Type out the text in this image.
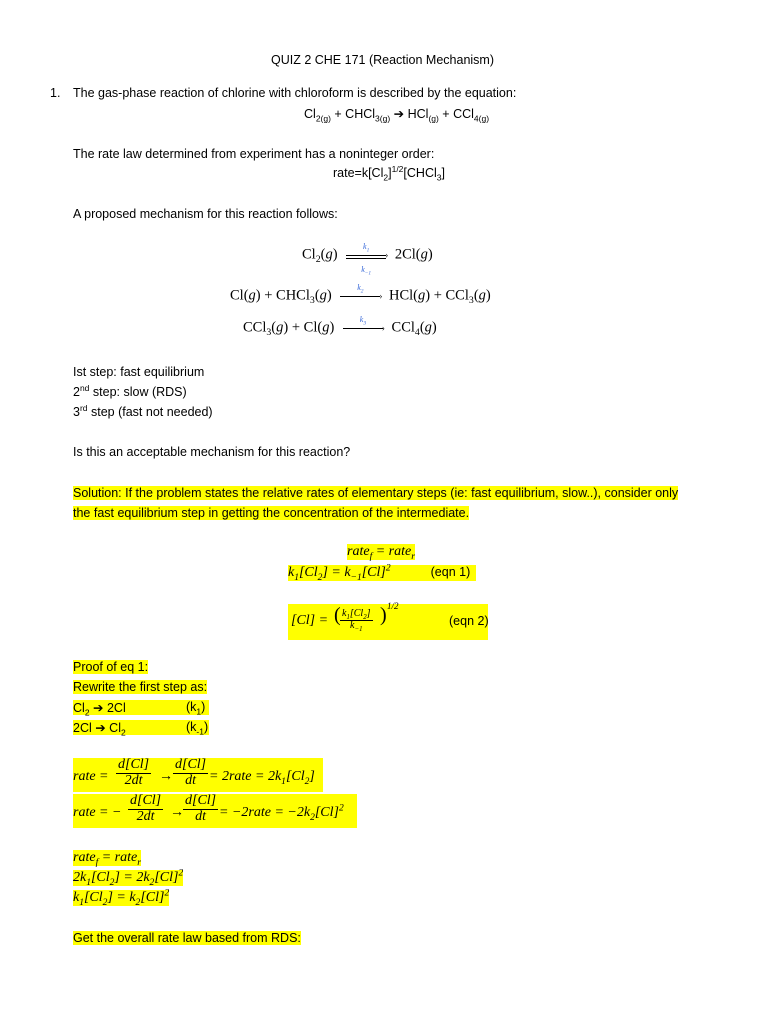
QUIZ 2 CHE 171 (Reaction Mechanism)
1. The gas-phase reaction of chlorine with chloroform is described by the equation:
$Cl_{2(g)}$ + CHCl$_{3(g)}$ ➔ HCl$_{(g)}$ + CCl$_{4(g)}$
The rate law determined from experiment has a noninteger order:
$rate=k[Cl_2]^{1/2}[CHCl_3]$
A proposed mechanism for this reaction follows:
$Cl_2(g)$	$k_1$	›
$k_{-1}$
2Cl(g)
Cl(g) + CHCl$_3$(g)	$k_2$	› HCl(g) + CCl$_3$(g)
CCl$_3$(g) + Cl(g)	$k_3$	› CCl$_4$(g)
Ist step: fast equilibrium
2nd step: slow (RDS)
3rd step (fast not needed)
Is this an acceptable mechanism for this reaction?
Solution: If the problem states the relative rates of elementary steps (ie: fast equilibrium, slow..), consider only
the fast equilibrium step in getting the concentration of the intermediate.
rate$_f$ = rate$_r$
$k_1[Cl_2] = k_{-1}[Cl]^2$	(eqn 1)
[Cl] = ( $\frac{k_1[Cl_2]}{k_{-1}}$ ) 1/2
(eqn 2)
Proof of eq 1:
Rewrite the first step as:
$Cl_2$ ➔ 2Cl	$(k_1)$
2Cl ➔ $Cl_2$	$(k_{-1})$
rate = $\frac{d[Cl]}{2dt} \to \frac{d[Cl]}{dt}$ = 2rate = $2k_1[Cl_2]$
rate = − $\frac{d[Cl]}{2dt} \to \frac{d[Cl]}{dt}$ = −2rate = $-2k_2[Cl]^2$
rate$_f$ = rate$_r$
$2k_1[Cl_2] = 2k_2[Cl]^2$
$k_1[Cl_2] = k_2[Cl]^2$
Get the overall rate law based from RDS:
